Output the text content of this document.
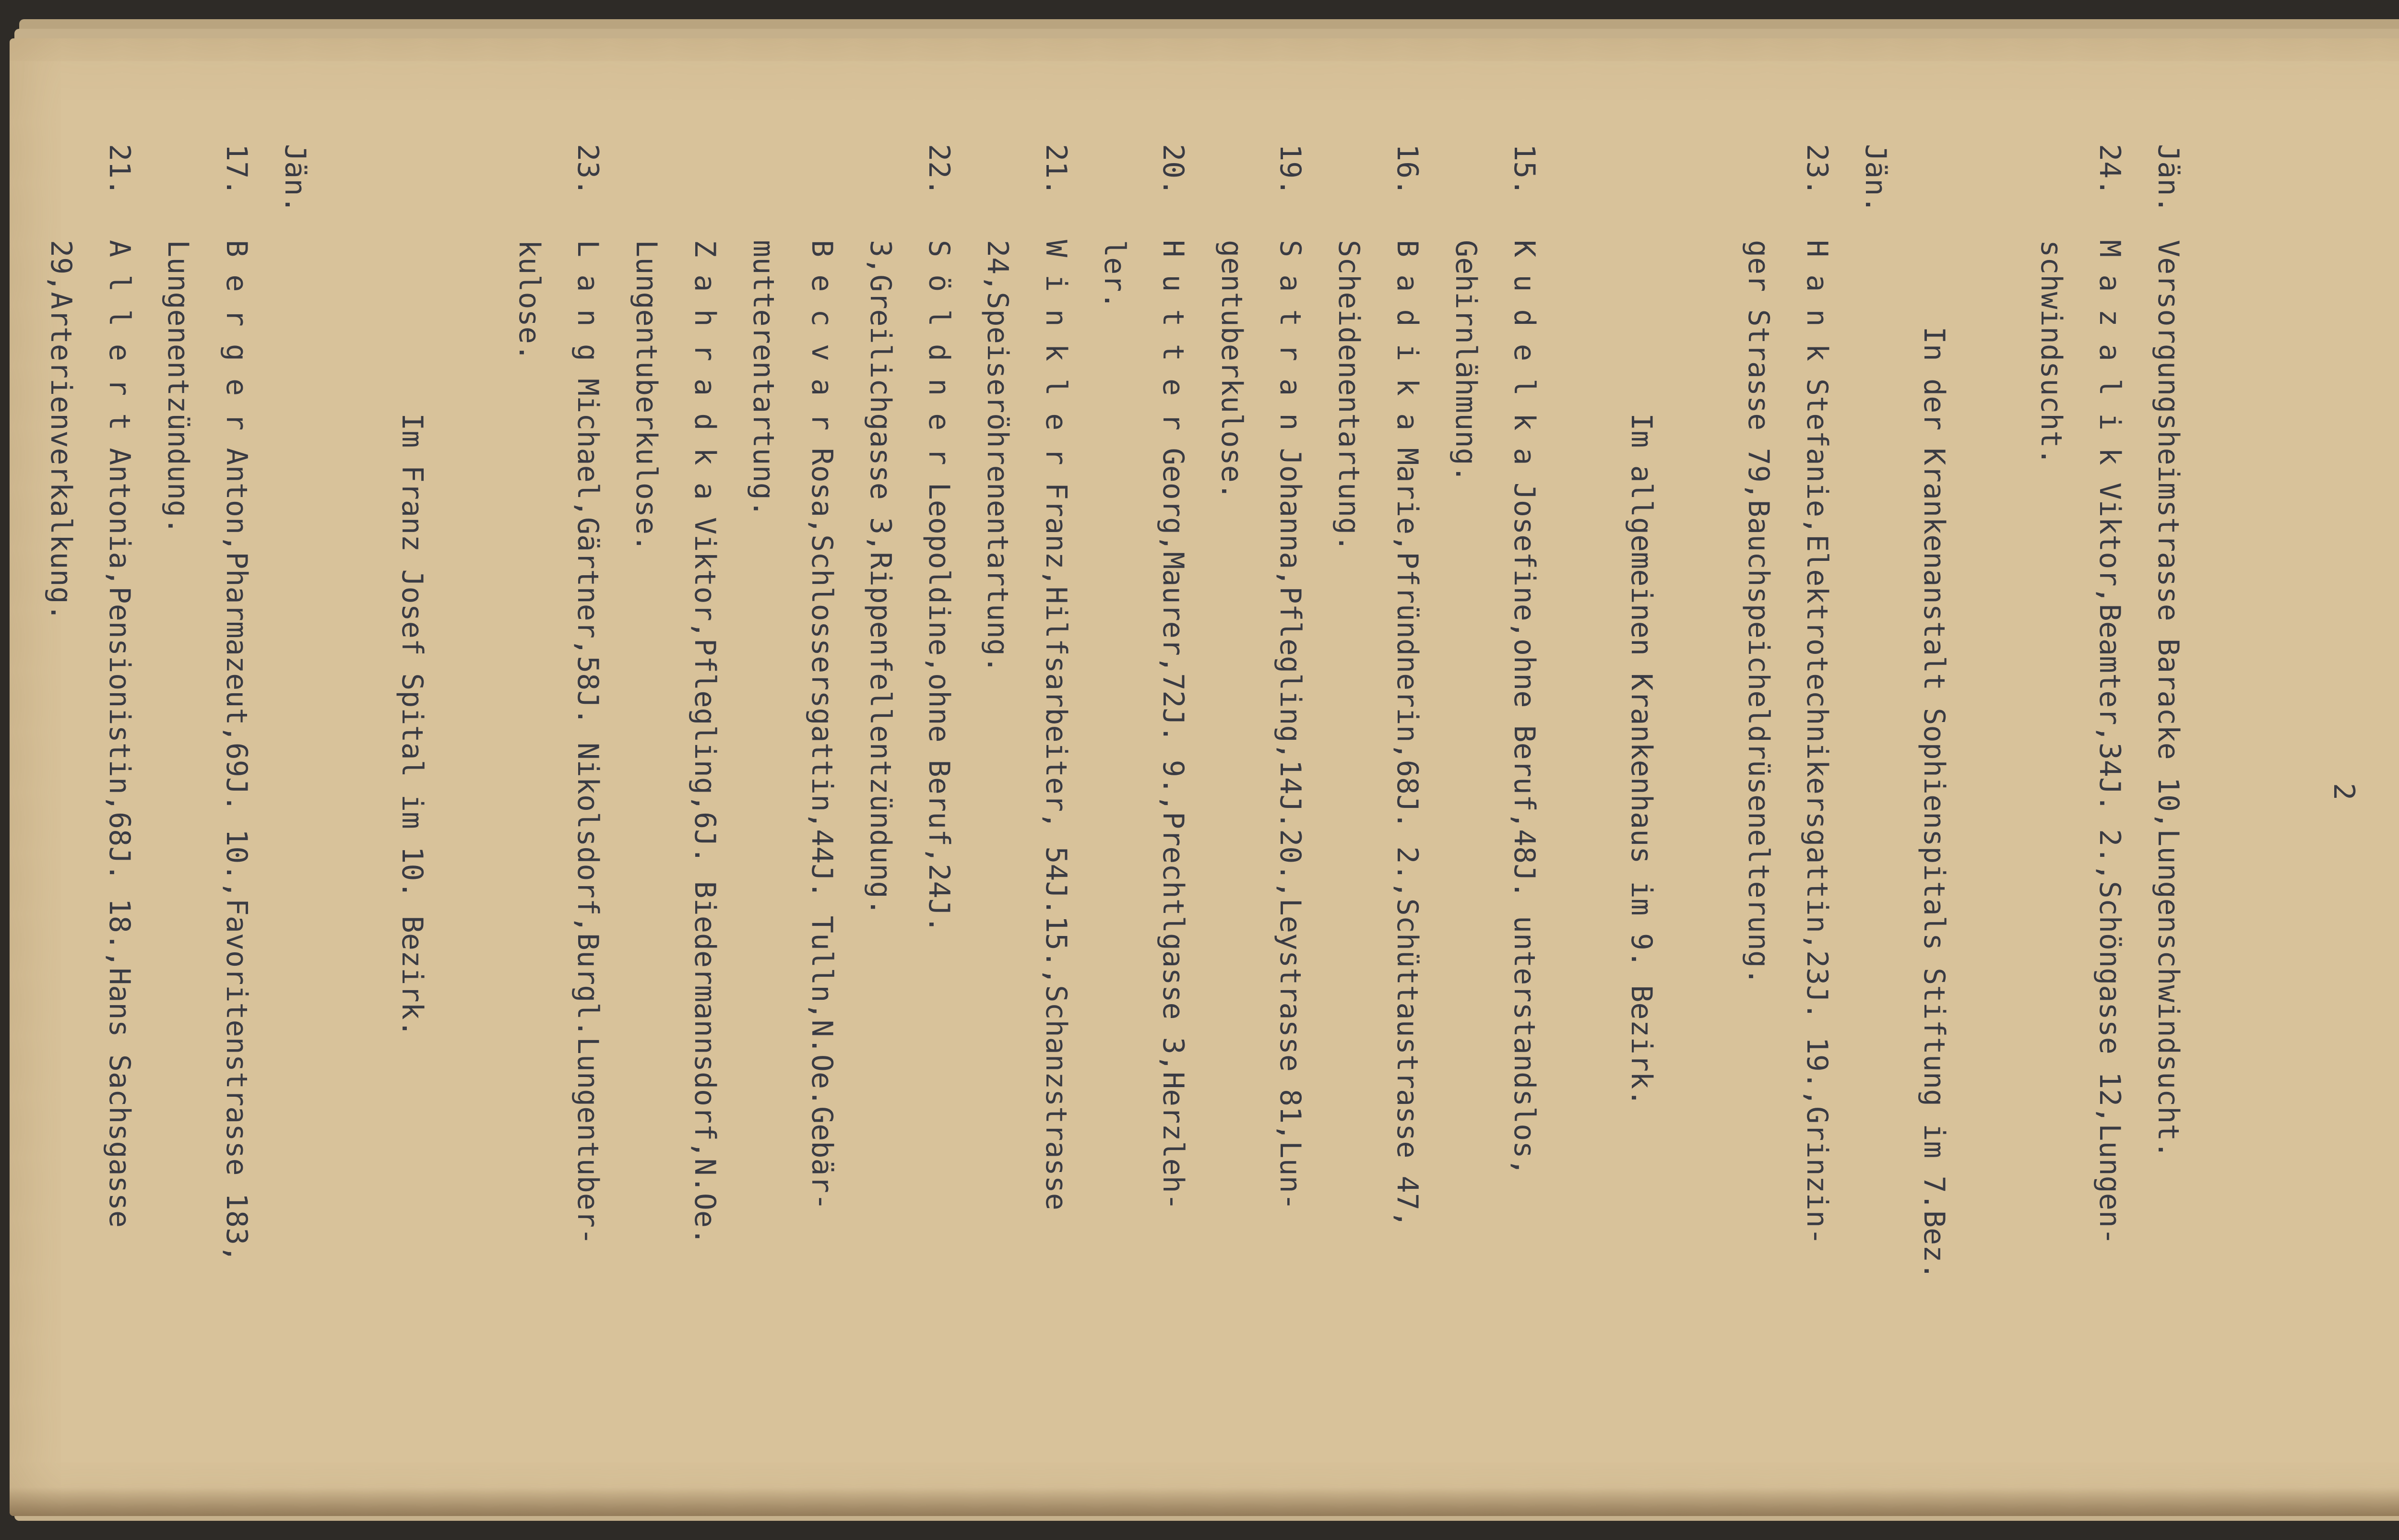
2

Jän.Versorgungsheimstrasse Baracke 10,Lungenschwindsucht.
24.M a z a l i k Viktor,Beamter,34J. 2.,Schöngasse 12,Lungen-
schwindsucht.
In der Krankenanstalt Sophienspitals Stiftung im 7.Bez.
Jän.
23.H a n k Stefanie,Elektrotechnikersgattin,23J. 19.,Grinzin-
ger Strasse 79,Bauchspeicheldrüsenelterung.
Im allgemeinen Krankenhaus im 9. Bezirk.
15.K u d e l k a Josefine,ohne Beruf,48J. unterstandslos,
Gehirnlähmung.
16.B a d i k a Marie,Pfründnerin,68J. 2.,Schüttaustrasse 47,
Scheidenentartung.
19.S a t r a n Johanna,Pflegling,14J.20.,Leystrasse 81,Lun-
gentuberkulose.
20.H u t t e r Georg,Maurer,72J. 9.,Prechtlgasse 3,Herzleh-
ler.
21.W i n k l e r Franz,Hilfsarbeiter, 54J.15.,Schanzstrasse
24,Speiseröhrenentartung.
22.S ö l d n e r Leopoldine,ohne Beruf,24J.
3,Greilichgasse 3,Rippenfellentzündung.
B e c v a r Rosa,Schlossersgattin,44J. Tulln,N.Oe.Gebär-
mutterentartung.
Z a h r a d k a Viktor,Pflegling,6J. Biedermannsdorf,N.Oe.
Lungentuberkulose.
23.L a n g Michael,Gärtner,58J. Nikolsdorf,Burgl.Lungentuber-
kulose.
Im Franz Josef Spital im 10. Bezirk.
Jän.
17.B e r g e r Anton,Pharmazeut,69J. 10.,Favoritenstrasse 183,
Lungenentzündung.
21.A l l e r t Antonia,Pensionistin,68J. 18.,Hans Sachsgasse
29,Arterienverkalkung.
